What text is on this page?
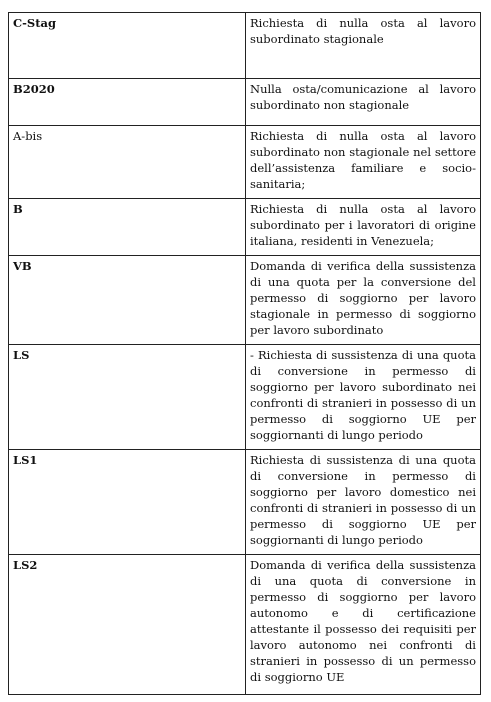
C-Stag	Richiesta di nulla osta al lavoro subordinato stagionale
B2020	Nulla osta/comunicazione al lavoro subordinato non stagionale
A-bis	Richiesta di nulla osta al lavoro subordinato non stagionale nel settore dell’assistenza familiare e socio-sanitaria;
B	Richiesta di nulla osta al lavoro subordinato per i lavoratori di origine italiana, residenti in Venezuela;
VB	Domanda di verifica della sussistenza di una quota per la conversione del permesso di soggiorno per lavoro stagionale in permesso di soggiorno per lavoro subordinato
LS	- Richiesta di sussistenza di una quota di conversione in permesso di soggiorno per lavoro subordinato nei confronti di stranieri in possesso di un permesso di soggiorno UE per soggiornanti di lungo periodo
LS1	Richiesta di sussistenza di una quota di conversione in permesso di soggiorno per lavoro domestico nei confronti di stranieri in possesso di un permesso di soggiorno UE per soggiornanti di lungo periodo
LS2	Domanda di verifica della sussistenza di una quota di conversione in permesso di soggiorno per lavoro autonomo e di certificazione attestante il possesso dei requisiti per lavoro autonomo nei confronti di stranieri in possesso di un permesso di soggiorno UE
